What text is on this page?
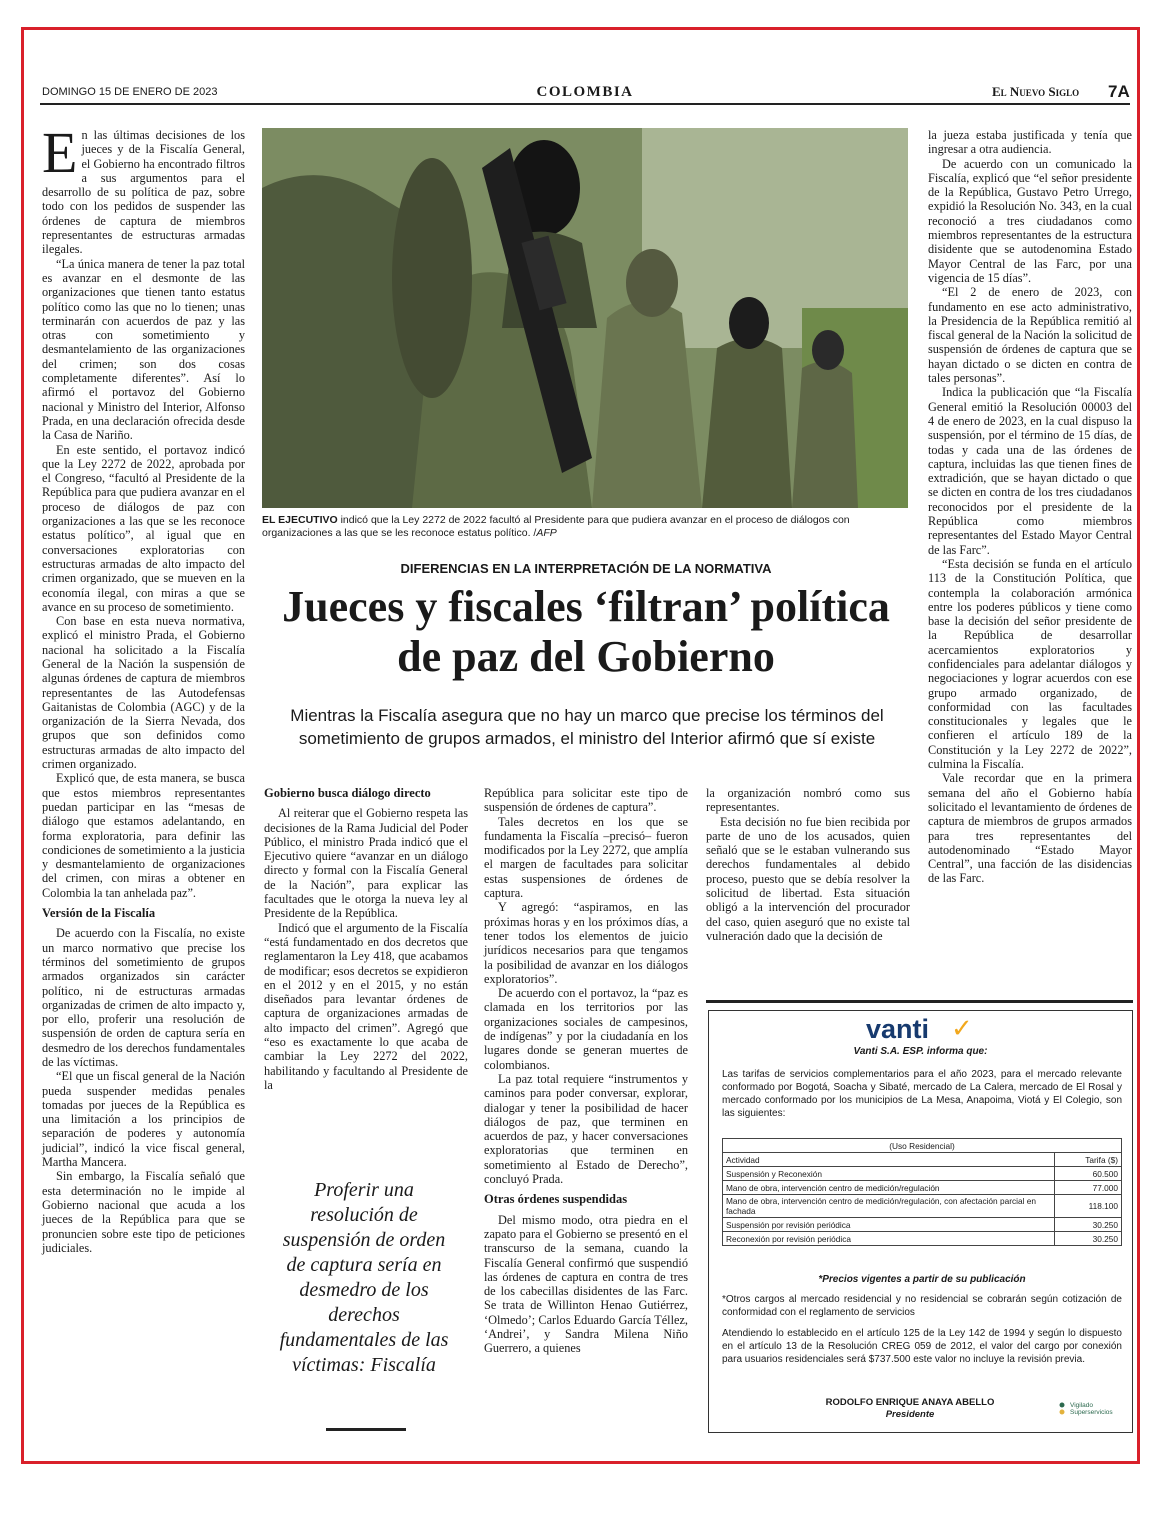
DOMINGO 15 DE ENERO DE 2023	COLOMBIA	El Nuevo Siglo 7A

En las últimas decisiones de los jueces y de la Fiscalía General, el Gobierno ha encontrado filtros a sus argumentos para el desarrollo de su política de paz, sobre todo con los pedidos de suspender las órdenes de captura de miembros representantes de estructuras armadas ilegales.

“La única manera de tener la paz total es avanzar en el desmonte de las organizaciones que tienen tanto estatus político como las que no lo tienen; unas terminarán con acuerdos de paz y las otras con sometimiento y desmantelamiento de las organizaciones del crimen; son dos cosas completamente diferentes”. Así lo afirmó el portavoz del Gobierno nacional y Ministro del Interior, Alfonso Prada, en una declaración ofrecida desde la Casa de Nariño.

En este sentido, el portavoz indicó que la Ley 2272 de 2022, aprobada por el Congreso, “facultó al Presidente de la República para que pudiera avanzar en el proceso de diálogos de paz con organizaciones a las que se les reconoce estatus político”, al igual que en conversaciones exploratorias con estructuras armadas de alto impacto del crimen organizado, que se mueven en la economía ilegal, con miras a que se avance en su proceso de sometimiento.

Con base en esta nueva normativa, explicó el ministro Prada, el Gobierno nacional ha solicitado a la Fiscalía General de la Nación la suspensión de algunas órdenes de captura de miembros representantes de las Autodefensas Gaitanistas de Colombia (AGC) y de la organización de la Sierra Nevada, dos grupos que son definidos como estructuras armadas de alto impacto del crimen organizado.

Explicó que, de esta manera, se busca que estos miembros representantes puedan participar en las “mesas de diálogo que estamos adelantando, en forma exploratoria, para definir las condiciones de sometimiento a la justicia y desmantelamiento de organizaciones del crimen, con miras a obtener en Colombia la tan anhelada paz”.

Versión de la Fiscalía

De acuerdo con la Fiscalía, no existe un marco normativo que precise los términos del sometimiento de grupos armados organizados sin carácter político, ni de estructuras armadas organizadas de crimen de alto impacto y, por ello, proferir una resolución de suspensión de orden de captura sería en desmedro de los derechos fundamentales de las víctimas.

“El que un fiscal general de la Nación pueda suspender medidas penales tomadas por jueces de la República es una limitación a los principios de separación de poderes y autonomía judicial”, indicó la vice fiscal general, Martha Mancera.

Sin embargo, la Fiscalía señaló que esta determinación no le impide al Gobierno nacional que acuda a los jueces de la República para que se pronuncien sobre este tipo de peticiones judiciales.

EL EJECUTIVO indicó que la Ley 2272 de 2022 facultó al Presidente para que pudiera avanzar en el proceso de diálogos con organizaciones a las que se les reconoce estatus político. /AFP
DIFERENCIAS EN LA INTERPRETACIÓN DE LA NORMATIVA
Jueces y fiscales ‘filtran’ política de paz del Gobierno
Mientras la Fiscalía asegura que no hay un marco que precise los términos del sometimiento de grupos armados, el ministro del Interior afirmó que sí existe
Gobierno busca diálogo directo

Al reiterar que el Gobierno respeta las decisiones de la Rama Judicial del Poder Público, el ministro Prada indicó que el Ejecutivo quiere “avanzar en un diálogo directo y formal con la Fiscalía General de la Nación”, para explicar las facultades que le otorga la nueva ley al Presidente de la República.

Indicó que el argumento de la Fiscalía “está fundamentado en dos decretos que reglamentaron la Ley 418, que acabamos de modificar; esos decretos se expidieron en el 2012 y en el 2015, y no están diseñados para levantar órdenes de captura de organizaciones armadas de alto impacto del crimen”. Agregó que “eso es exactamente lo que acaba de cambiar la Ley 2272 del 2022, habilitando y facultando al Presidente de la

Proferir una resolución de suspensión de orden de captura sería en desmedro de los derechos fundamentales de las víctimas: Fiscalía

República para solicitar este tipo de suspensión de órdenes de captura”.

Tales decretos en los que se fundamenta la Fiscalía –precisó– fueron modificados por la Ley 2272, que amplía el margen de facultades para solicitar estas suspensiones de órdenes de captura.

Y agregó: “aspiramos, en las próximas horas y en los próximos días, a tener todos los elementos de juicio jurídicos necesarios para que tengamos la posibilidad de avanzar en los diálogos exploratorios”.

De acuerdo con el portavoz, la “paz es clamada en los territorios por las organizaciones sociales de campesinos, de indígenas” y por la ciudadanía en los lugares donde se generan muertes de colombianos.

La paz total requiere “instrumentos y caminos para poder conversar, explorar, dialogar y tener la posibilidad de hacer diálogos de paz, que terminen en acuerdos de paz, y hacer conversaciones exploratorias que terminen en sometimiento al Estado de Derecho”, concluyó Prada.

Otras órdenes suspendidas

Del mismo modo, otra piedra en el zapato para el Gobierno se presentó en el transcurso de la semana, cuando la Fiscalía General confirmó que suspendió las órdenes de captura en contra de tres de los cabecillas disidentes de las Farc. Se trata de Willinton Henao Gutiérrez, ‘Olmedo’; Carlos Eduardo García Téllez, ‘Andrei’, y Sandra Milena Niño Guerrero, a quienes

la organización nombró como sus representantes.

Esta decisión no fue bien recibida por parte de uno de los acusados, quien señaló que se le estaban vulnerando sus derechos fundamentales al debido proceso, puesto que se debía resolver la solicitud de libertad. Esta situación obligó a la intervención del procurador del caso, quien aseguró que no existe tal vulneración dado que la decisión de

la jueza estaba justificada y tenía que ingresar a otra audiencia.

De acuerdo con un comunicado la Fiscalía, explicó que “el señor presidente de la República, Gustavo Petro Urrego, expidió la Resolución No. 343, en la cual reconoció a tres ciudadanos como miembros representantes de la estructura disidente que se autodenomina Estado Mayor Central de las Farc, por una vigencia de 15 días”.

“El 2 de enero de 2023, con fundamento en ese acto administrativo, la Presidencia de la República remitió al fiscal general de la Nación la solicitud de suspensión de órdenes de captura que se hayan dictado o se dicten en contra de tales personas”.

Indica la publicación que “la Fiscalía General emitió la Resolución 00003 del 4 de enero de 2023, en la cual dispuso la suspensión, por el término de 15 días, de todas y cada una de las órdenes de captura, incluidas las que tienen fines de extradición, que se hayan dictado o que se dicten en contra de los tres ciudadanos reconocidos por el presidente de la República como miembros representantes del Estado Mayor Central de las Farc”.

“Esta decisión se funda en el artículo 113 de la Constitución Política, que contempla la colaboración armónica entre los poderes públicos y tiene como base la decisión del señor presidente de la República de desarrollar acercamientos exploratorios y confidenciales para adelantar diálogos y negociaciones y lograr acuerdos con ese grupo armado organizado, de conformidad con las facultades constitucionales y legales que le confieren el artículo 189 de la Constitución y la Ley 2272 de 2022”, culmina la Fiscalía.

Vale recordar que en la primera semana del año el Gobierno había solicitado el levantamiento de órdenes de captura de miembros de grupos armados para tres representantes del autodenominado “Estado Mayor Central”, una facción de las disidencias de las Farc.

vanti ✓
Vanti S.A. ESP. informa que:
Las tarifas de servicios complementarios para el año 2023, para el mercado relevante conformado por Bogotá, Soacha y Sibaté, mercado de La Calera, mercado de El Rosal y mercado conformado por los municipios de La Mesa, Anapoima, Viotá y El Colegio, son las siguientes:
(Uso Residencial)	
Actividad	Tarifa ($)
Suspensión y Reconexión	60.500
Mano de obra, intervención centro de medición/regulación	77.000
Mano de obra, intervención centro de medición/regulación, con afectación parcial en fachada	118.100
Suspensión por revisión periódica	30.250
Reconexión por revisión periódica	30.250
*Precios vigentes a partir de su publicación
*Otros cargos al mercado residencial y no residencial se cobrarán según cotización de conformidad con el reglamento de servicios
Atendiendo lo establecido en el artículo 125 de la Ley 142 de 1994 y según lo dispuesto en el artículo 13 de la Resolución CREG 059 de 2012, el valor del cargo por conexión para usuarios residenciales será $737.500 este valor no incluye la revisión previa.
RODOLFO ENRIQUE ANAYA ABELLO
Presidente
Vigilado
Superservicios
